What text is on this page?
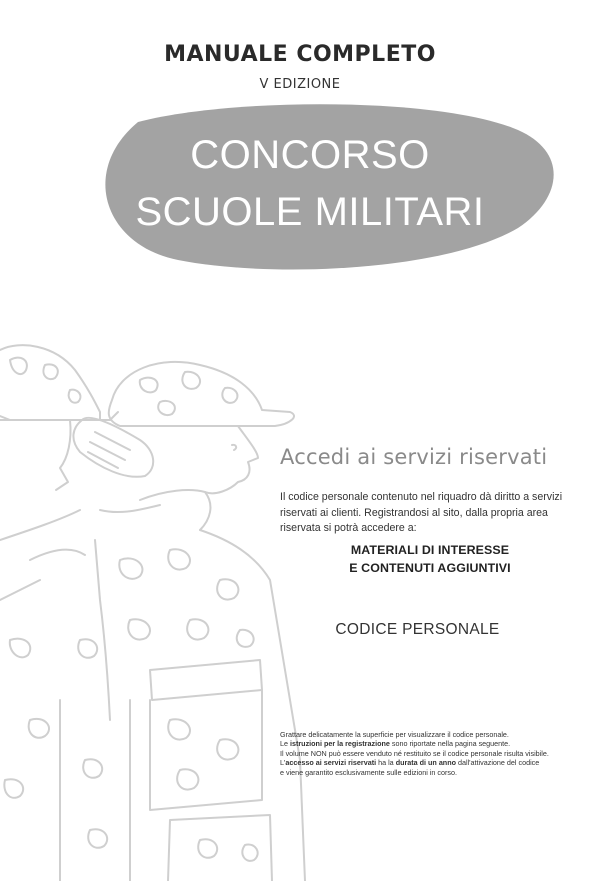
MANUALE COMPLETO
V EDIZIONE
CONCORSO
SCUOLE MILITARI
Accedi ai servizi riservati
Il codice personale contenuto nel riquadro dà diritto a servizi riservati ai clienti. Registrandosi al sito, dalla propria area riservata si potrà accedere a:
MATERIALI DI INTERESSE
E CONTENUTI AGGIUNTIVI
CODICE PERSONALE
Grattare delicatamente la superficie per visualizzare il codice personale.
Le istruzioni per la registrazione sono riportate nella pagina seguente.
Il volume NON può essere venduto né restituito se il codice personale risulta visibile.
L'accesso ai servizi riservati ha la durata di un anno dall'attivazione del codice
e viene garantito esclusivamente sulle edizioni in corso.
